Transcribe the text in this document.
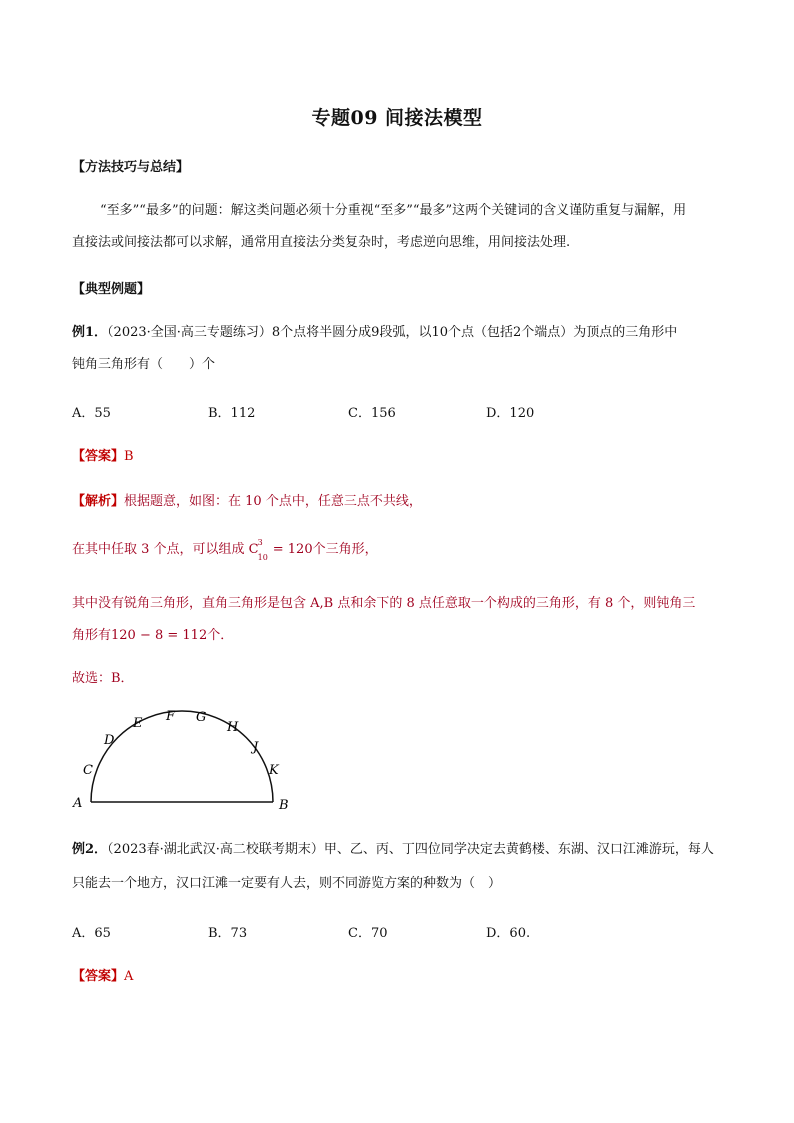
专题09 间接法模型
【方法技巧与总结】
“至多”“最多”的问题：解这类问题必须十分重视“至多”“最多”这两个关键词的含义谨防重复与漏解，用
直接法或间接法都可以求解，通常用直接法分类复杂时，考虑逆向思维，用间接法处理.
【典型例题】
例1．（2023·全国·高三专题练习）8个点将半圆分成9段弧，以10个点（包括2个端点）为顶点的三角形中
钝角三角形有（　　）个
A．55	B．112	C．156	D．120
【答案】B
【解析】根据题意，如图：在 10 个点中，任意三点不共线，
在其中任取 3 个点，可以组成 C 3
10
= 120个三角形，
其中没有锐角三角形，直角三角形是包含 A,B 点和余下的 8 点任意取一个构成的三角形，有 8 个，则钝角三
角形有120 − 8 = 112个．
故选：B．
A
C
D
E F G
H
J
K
B
例2．（2023春·湖北武汉·高二校联考期末）甲、乙、丙、丁四位同学决定去黄鹤楼、东湖、汉口江滩游玩，每人
只能去一个地方，汉口江滩一定要有人去，则不同游览方案的种数为（　）
A．65	B．73	C．70	D．60.
【答案】A
